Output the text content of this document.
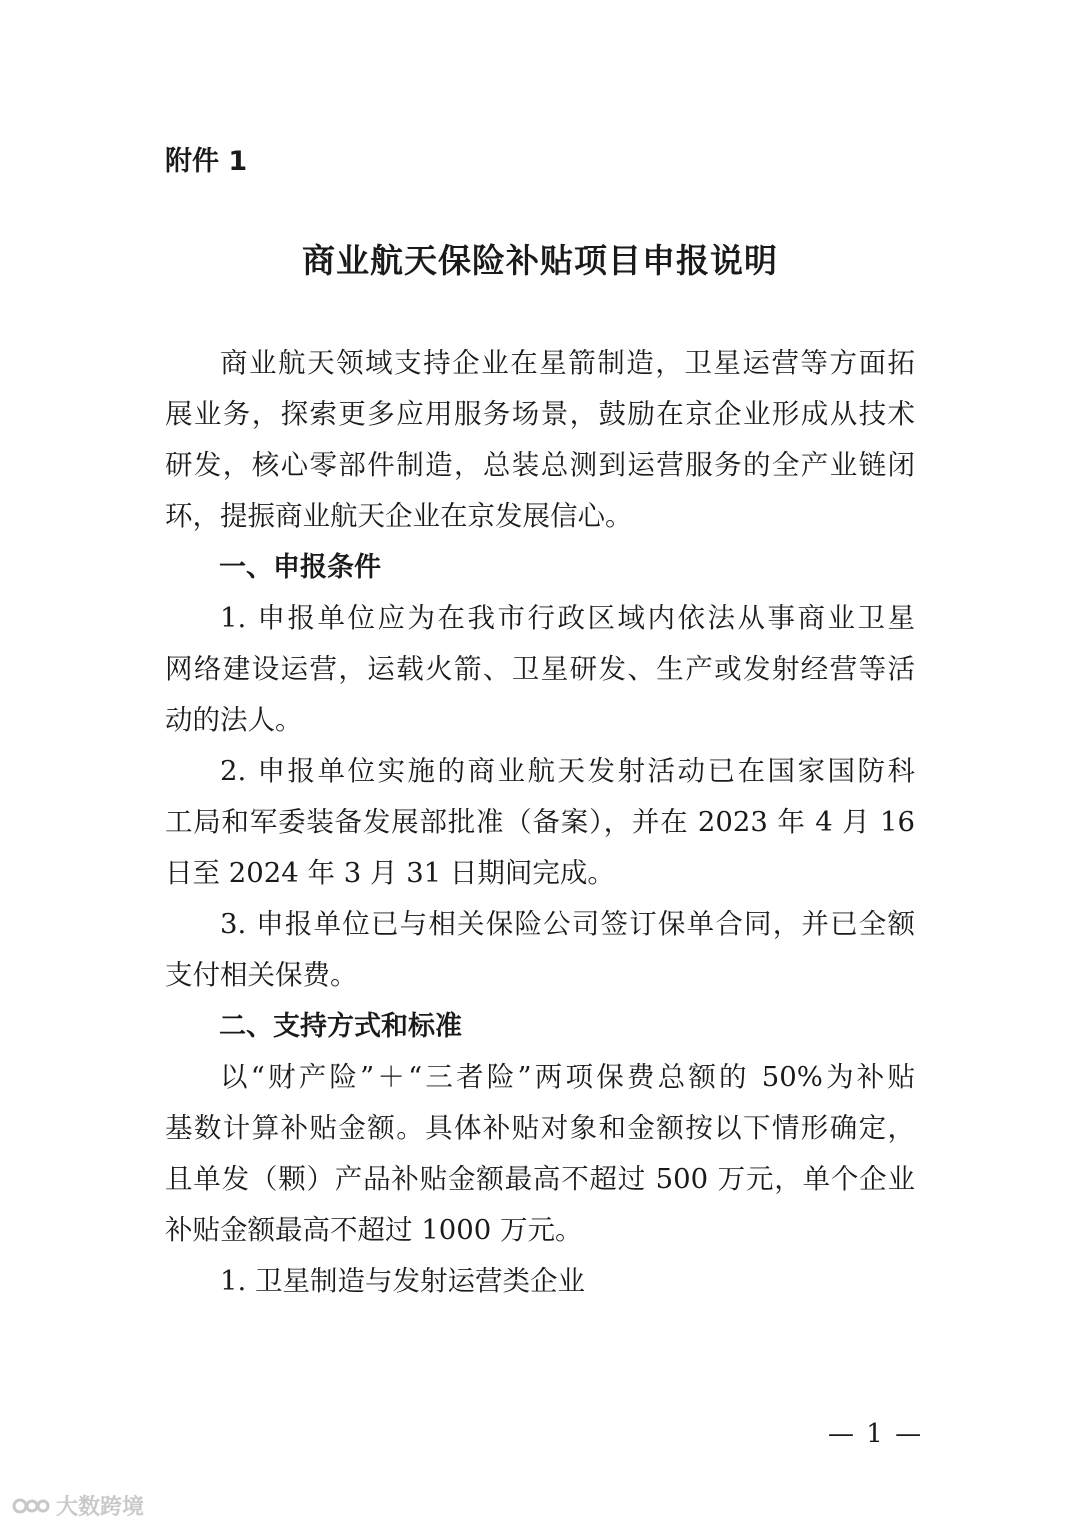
附件 1
商业航天保险补贴项目申报说明
商业航天领域支持企业在星箭制造，卫星运营等方面拓
展业务，探索更多应用服务场景，鼓励在京企业形成从技术
研发，核心零部件制造，总装总测到运营服务的全产业链闭
环，提振商业航天企业在京发展信心。
一、申报条件
1. 申报单位应为在我市行政区域内依法从事商业卫星
网络建设运营，运载火箭、卫星研发、生产或发射经营等活
动的法人。
2. 申报单位实施的商业航天发射活动已在国家国防科
工局和军委装备发展部批准（备案），并在 2023 年 4 月 16
日至 2024 年 3 月 31 日期间完成。
3. 申报单位已与相关保险公司签订保单合同，并已全额
支付相关保费。
二、支持方式和标准
以“财产险”＋“三者险”两项保费总额的 50%为补贴
基数计算补贴金额。具体补贴对象和金额按以下情形确定，
且单发（颗）产品补贴金额最高不超过 500 万元，单个企业
补贴金额最高不超过 1000 万元。
1. 卫星制造与发射运营类企业
— 1 —
大数跨境
